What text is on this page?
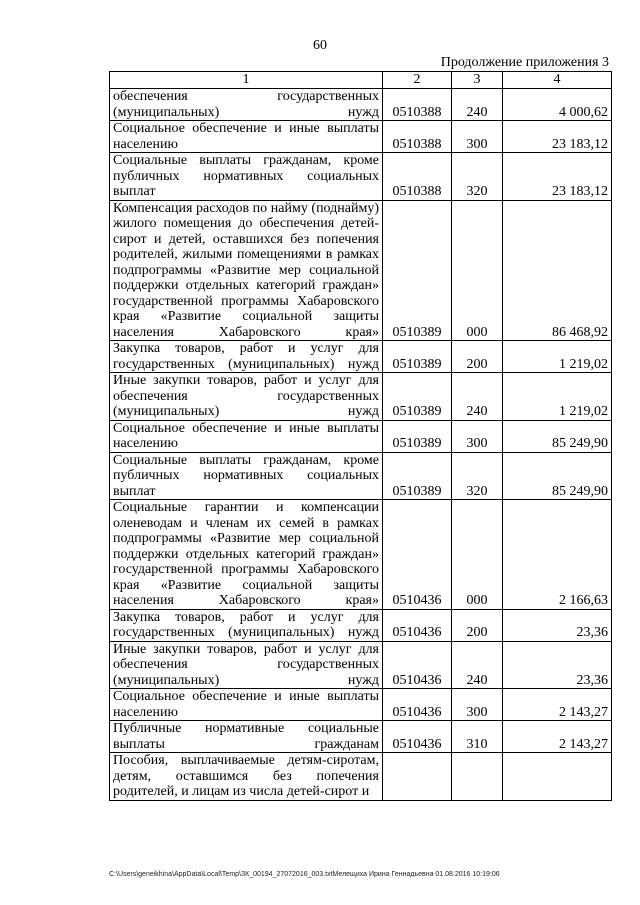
60
Продолжение приложения 3
1	2	3	4
обеспечения государственных (муниципальных) нужд	0510388	240	4 000,62
Социальное обеспечение и иные выплаты населению	0510388	300	23 183,12
Социальные выплаты гражданам, кроме публичных нормативных социальных выплат	0510388	320	23 183,12
Компенсация расходов по найму (поднайму) жилого помещения до обеспечения детей-сирот и детей, оставшихся без попечения родителей, жилыми помещениями в рамках подпрограммы «Развитие мер социальной поддержки отдельных категорий граждан» государственной программы Хабаровского края «Развитие социальной защиты населения Хабаровского края»	0510389	000	86 468,92
Закупка товаров, работ и услуг для государственных (муниципальных) нужд	0510389	200	1 219,02
Иные закупки товаров, работ и услуг для обеспечения государственных (муниципальных) нужд	0510389	240	1 219,02
Социальное обеспечение и иные выплаты населению	0510389	300	85 249,90
Социальные выплаты гражданам, кроме публичных нормативных социальных выплат	0510389	320	85 249,90
Социальные гарантии и компенсации оленеводам и членам их семей в рамках подпрограммы «Развитие мер социальной поддержки отдельных категорий граждан» государственной программы Хабаровского края «Развитие социальной защиты населения Хабаровского края»	0510436	000	2 166,63
Закупка товаров, работ и услуг для государственных (муниципальных) нужд	0510436	200	23,36
Иные закупки товаров, работ и услуг для обеспечения государственных (муниципальных) нужд	0510436	240	23,36
Социальное обеспечение и иные выплаты населению	0510436	300	2 143,27
Публичные нормативные социальные выплаты гражданам	0510436	310	2 143,27
Пособия, выплачиваемые детям-сиротам, детям, оставшимся без попечения родителей, и лицам из числа детей-сирот и			
C:\Users\geneikhina\AppData\Local\Temp\ЗК_00194_27072016_003.txtМелещиха Ирина Геннадьевна 01.08.2016 10:19:06
